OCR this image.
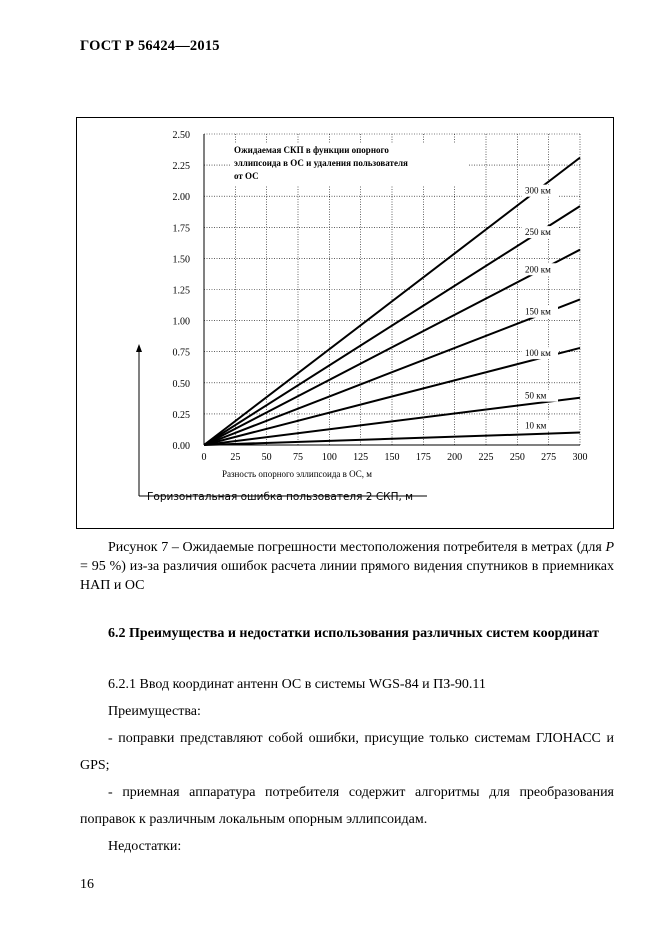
ГОСТ Р 56424—2015
0 25 50 75 100 125 150 175 200 225 250 275 300
0.00
0.25
0.50
0.75
1.00
1.25
1.50
1.75
2.00
2.25
2.50
10 км
50 км
100 км
150 км
200 км
250 км
300 км
Ожидаемая СКП в функции опорного
эллипсоида в ОС и удаления пользователя
от ОС
Разность опорного эллипсоида в ОС, м
Горизонтальная ошибка пользователя 2 СКП, м
Рисунок 7 – Ожидаемые погрешности местоположения потребителя в метрах (для P = 95 %) из-за различия ошибок расчета линии прямого видения спутников в приемниках НАП и ОС
6.2 Преимущества и недостатки использования различных систем координат
6.2.1 Ввод координат антенн ОС в системы WGS-84 и ПЗ-90.11
Преимущества:
- поправки представляют собой ошибки, присущие только системам ГЛОНАСС и GPS;
- приемная аппаратура потребителя содержит алгоритмы для преобразования поправок к различным локальным опорным эллипсоидам.
Недостатки:
16
